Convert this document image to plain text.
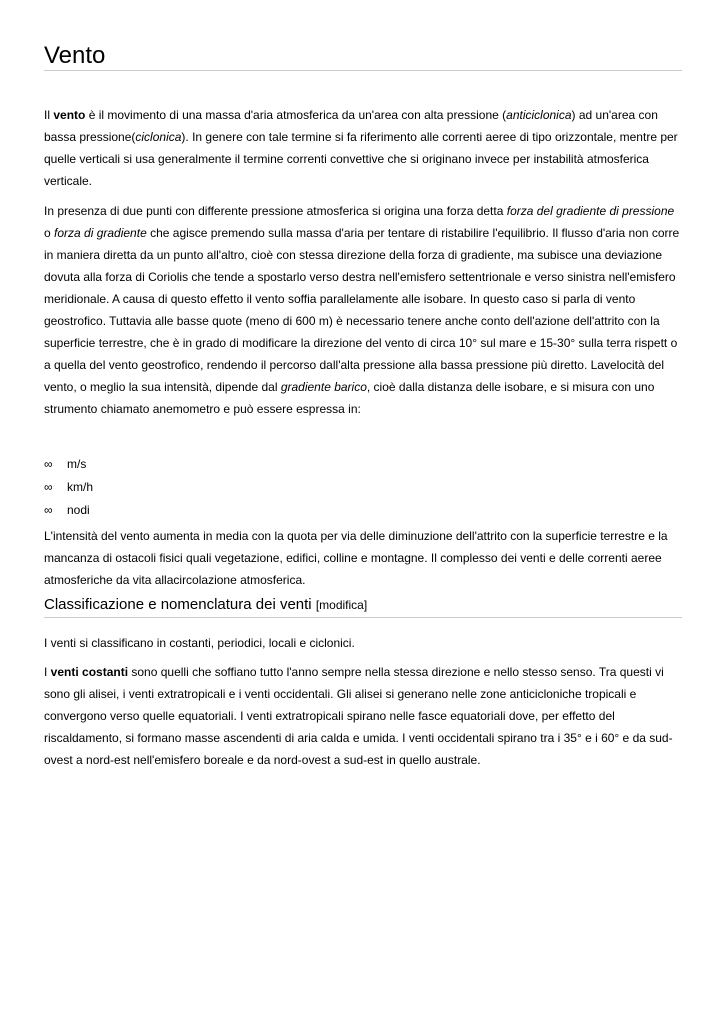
Vento

Il vento è il movimento di una massa d'aria atmosferica da un'area con alta pressione (anticiclonica) ad un'area con bassa pressione(ciclonica). In genere con tale termine si fa riferimento alle correnti aeree di tipo orizzontale, mentre per quelle verticali si usa generalmente il termine correnti convettive che si originano invece per instabilità atmosferica verticale.

In presenza di due punti con differente pressione atmosferica si origina una forza detta forza del gradiente di pressione o forza di gradiente che agisce premendo sulla massa d'aria per tentare di ristabilire l'equilibrio. Il flusso d'aria non corre in maniera diretta da un punto all'altro, cioè con stessa direzione della forza di gradiente, ma subisce una deviazione dovuta alla forza di Coriolis che tende a spostarlo verso destra nell'emisfero settentrionale e verso sinistra nell'emisfero meridionale. A causa di questo effetto il vento soffia parallelamente alle isobare. In questo caso si parla di vento geostrofico. Tuttavia alle basse quote (meno di 600 m) è necessario tenere anche conto dell'azione dell'attrito con la superficie terrestre, che è in grado di modificare la direzione del vento di circa 10° sul mare e 15-30° sulla terra rispett o a quella del vento geostrofico, rendendo il percorso dall'alta pressione alla bassa pressione più diretto. Lavelocità del vento, o meglio la sua intensità, dipende dal gradiente barico, cioè dalla distanza delle isobare, e si misura con uno strumento chiamato anemometro e può essere espressa in:

∞	m/s
∞	km/h
∞	nodi

L'intensità del vento aumenta in media con la quota per via delle diminuzione dell'attrito con la superficie terrestre e la mancanza di ostacoli fisici quali vegetazione, edifici, colline e montagne. Il complesso dei venti e delle correnti aeree atmosferiche da vita allacircolazione atmosferica.

Classificazione e nomenclatura dei venti [modifica]

I venti si classificano in costanti, periodici, locali e ciclonici.

I venti costanti sono quelli che soffiano tutto l'anno sempre nella stessa direzione e nello stesso senso. Tra questi vi sono gli alisei, i venti extratropicali e i venti occidentali. Gli alisei si generano nelle zone anticicloniche tropicali e convergono verso quelle equatoriali. I venti extratropicali spirano nelle fasce equatoriali dove, per effetto del riscaldamento, si formano masse ascendenti di aria calda e umida. I venti occidentali spirano tra i 35° e i 60° e da sud-ovest a nord-est nell'emisfero boreale e da nord-ovest a sud-est in quello australe.
